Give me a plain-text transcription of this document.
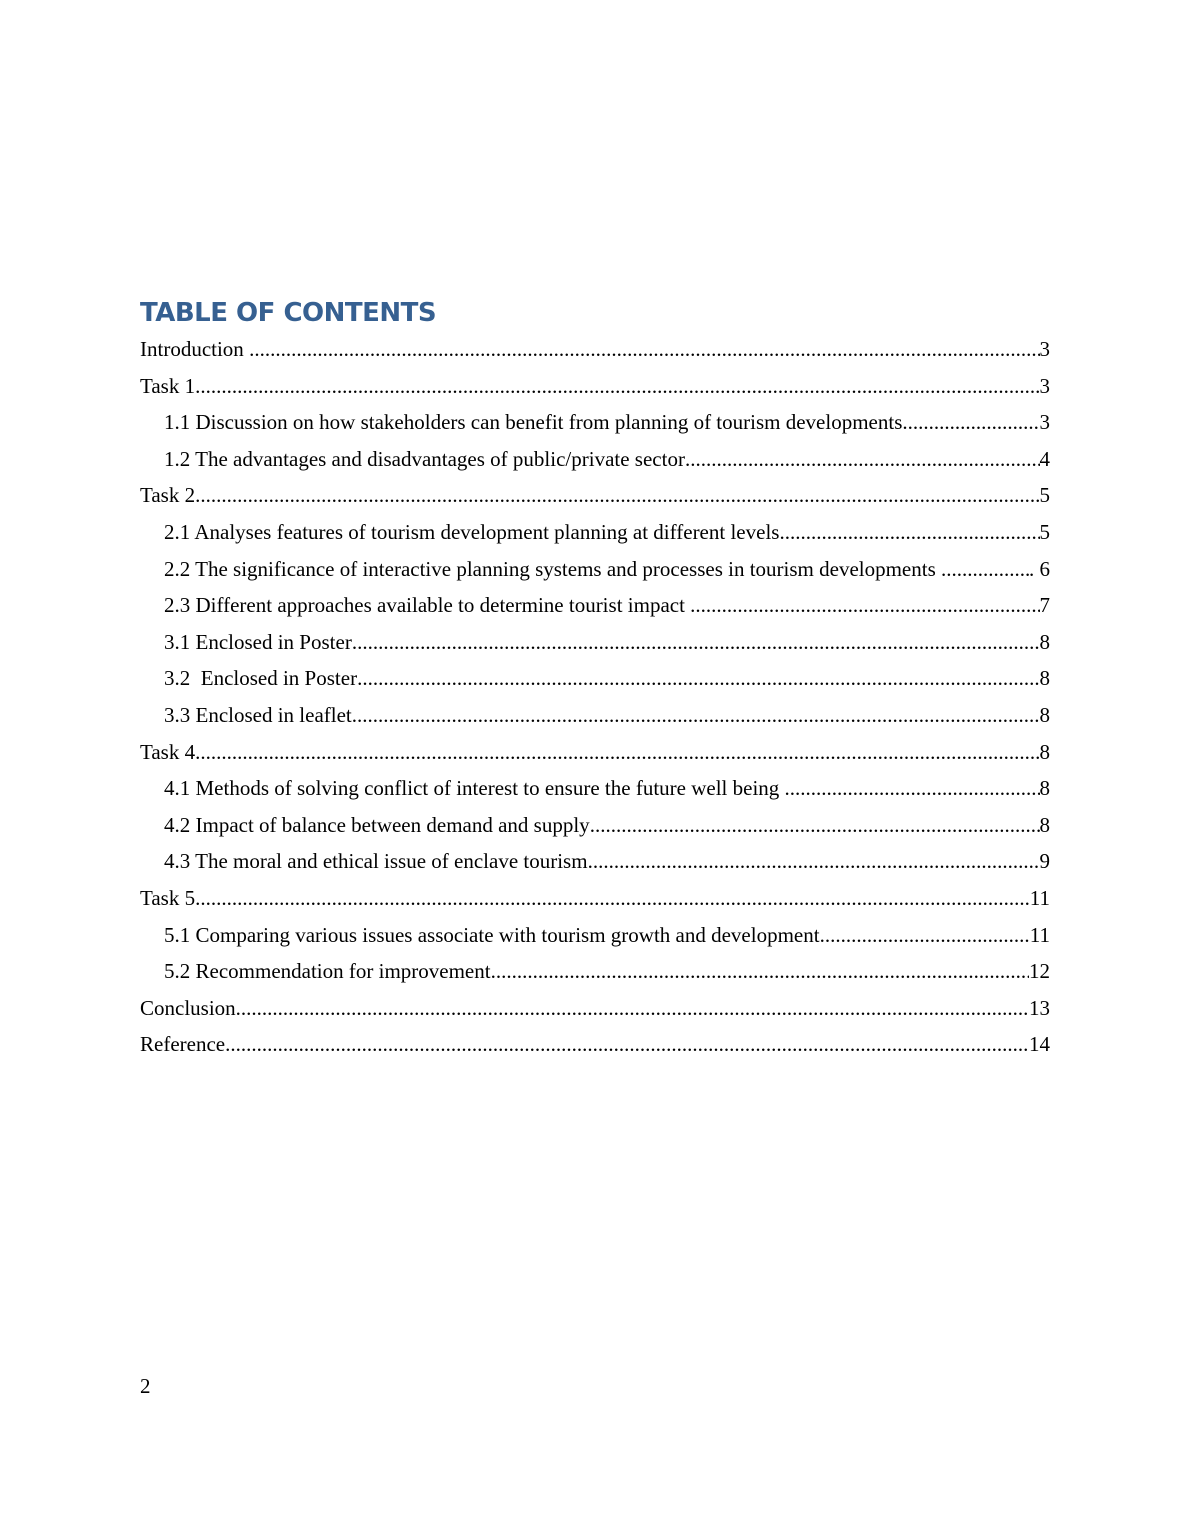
TABLE OF CONTENTS
Introduction .....	3
Task 1 .....	3
1.1 Discussion on how stakeholders can benefit from planning of tourism developments .....	3
1.2 The advantages and disadvantages of public/private sector .....	4
Task 2 .....	5
2.1 Analyses features of tourism development planning at different levels .....	5
2.2 The significance of interactive planning systems and processes in tourism developments .....	. 6
2.3 Different approaches available to determine tourist impact .....	7
3.1 Enclosed in Poster .....	8
3.2  Enclosed in Poster .....	8
3.3 Enclosed in leaflet .....	8
Task 4 .....	8
4.1 Methods of solving conflict of interest to ensure the future well being .....	8
4.2 Impact of balance between demand and supply .....	8
4.3 The moral and ethical issue of enclave tourism .....	9
Task 5 .....	11
5.1 Comparing various issues associate with tourism growth and development .....	11
5.2 Recommendation for improvement .....	12
Conclusion .....	13
Reference .....	14
2
